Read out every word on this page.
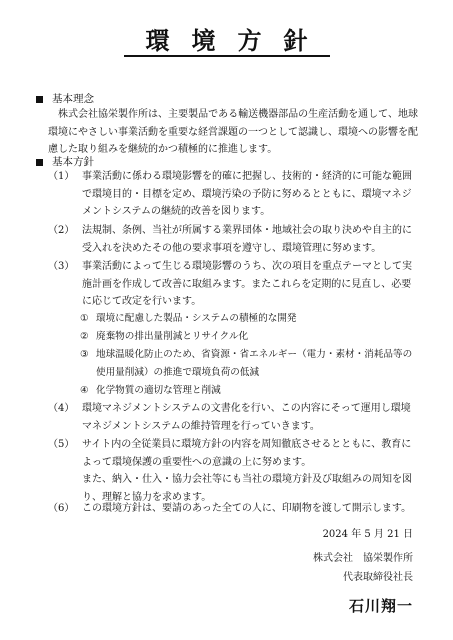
環境方針
基本理念
株式会社協栄製作所は、主要製品である輸送機器部品の生産活動を通して、地球環境にやさしい事業活動を重要な経営課題の一つとして認識し、環境への影響を配慮した取り組みを継続的かつ積極的に推進します。
基本方針
（1） 事業活動に係わる環境影響を的確に把握し、技術的・経済的に可能な範囲で環境目的・目標を定め、環境汚染の予防に努めるとともに、環境マネジメントシステムの継続的改善を図ります。
（2） 法規制、条例、当社が所属する業界団体・地域社会の取り決めや自主的に受入れを決めたその他の要求事項を遵守し、環境管理に努めます。
（3） 事業活動によって生じる環境影響のうち、次の項目を重点テーマとして実施計画を作成して改善に取組みます。またこれらを定期的に見直し、必要に応じて改定を行います。
① 環境に配慮した製品・システムの積極的な開発
② 廃棄物の排出量削減とリサイクル化
③ 地球温暖化防止のため、省資源・省エネルギー（電力・素材・消耗品等の使用量削減）の推進で環境負荷の低減
④ 化学物質の適切な管理と削減
（4） 環境マネジメントシステムの文書化を行い、この内容にそって運用し環境マネジメントシステムの維持管理を行っていきます。
（5） サイト内の全従業員に環境方針の内容を周知徹底させるとともに、教育によって環境保護の重要性への意識の上に努めます。
また、納入・仕入・協力会社等にも当社の環境方針及び取組みの周知を図り、理解と協力を求めます。
（6） この環境方針は、要請のあった全ての人に、印刷物を渡して開示します。
2024 年 5 月 21 日
株式会社　協栄製作所
代表取締役社長
石川翔一
